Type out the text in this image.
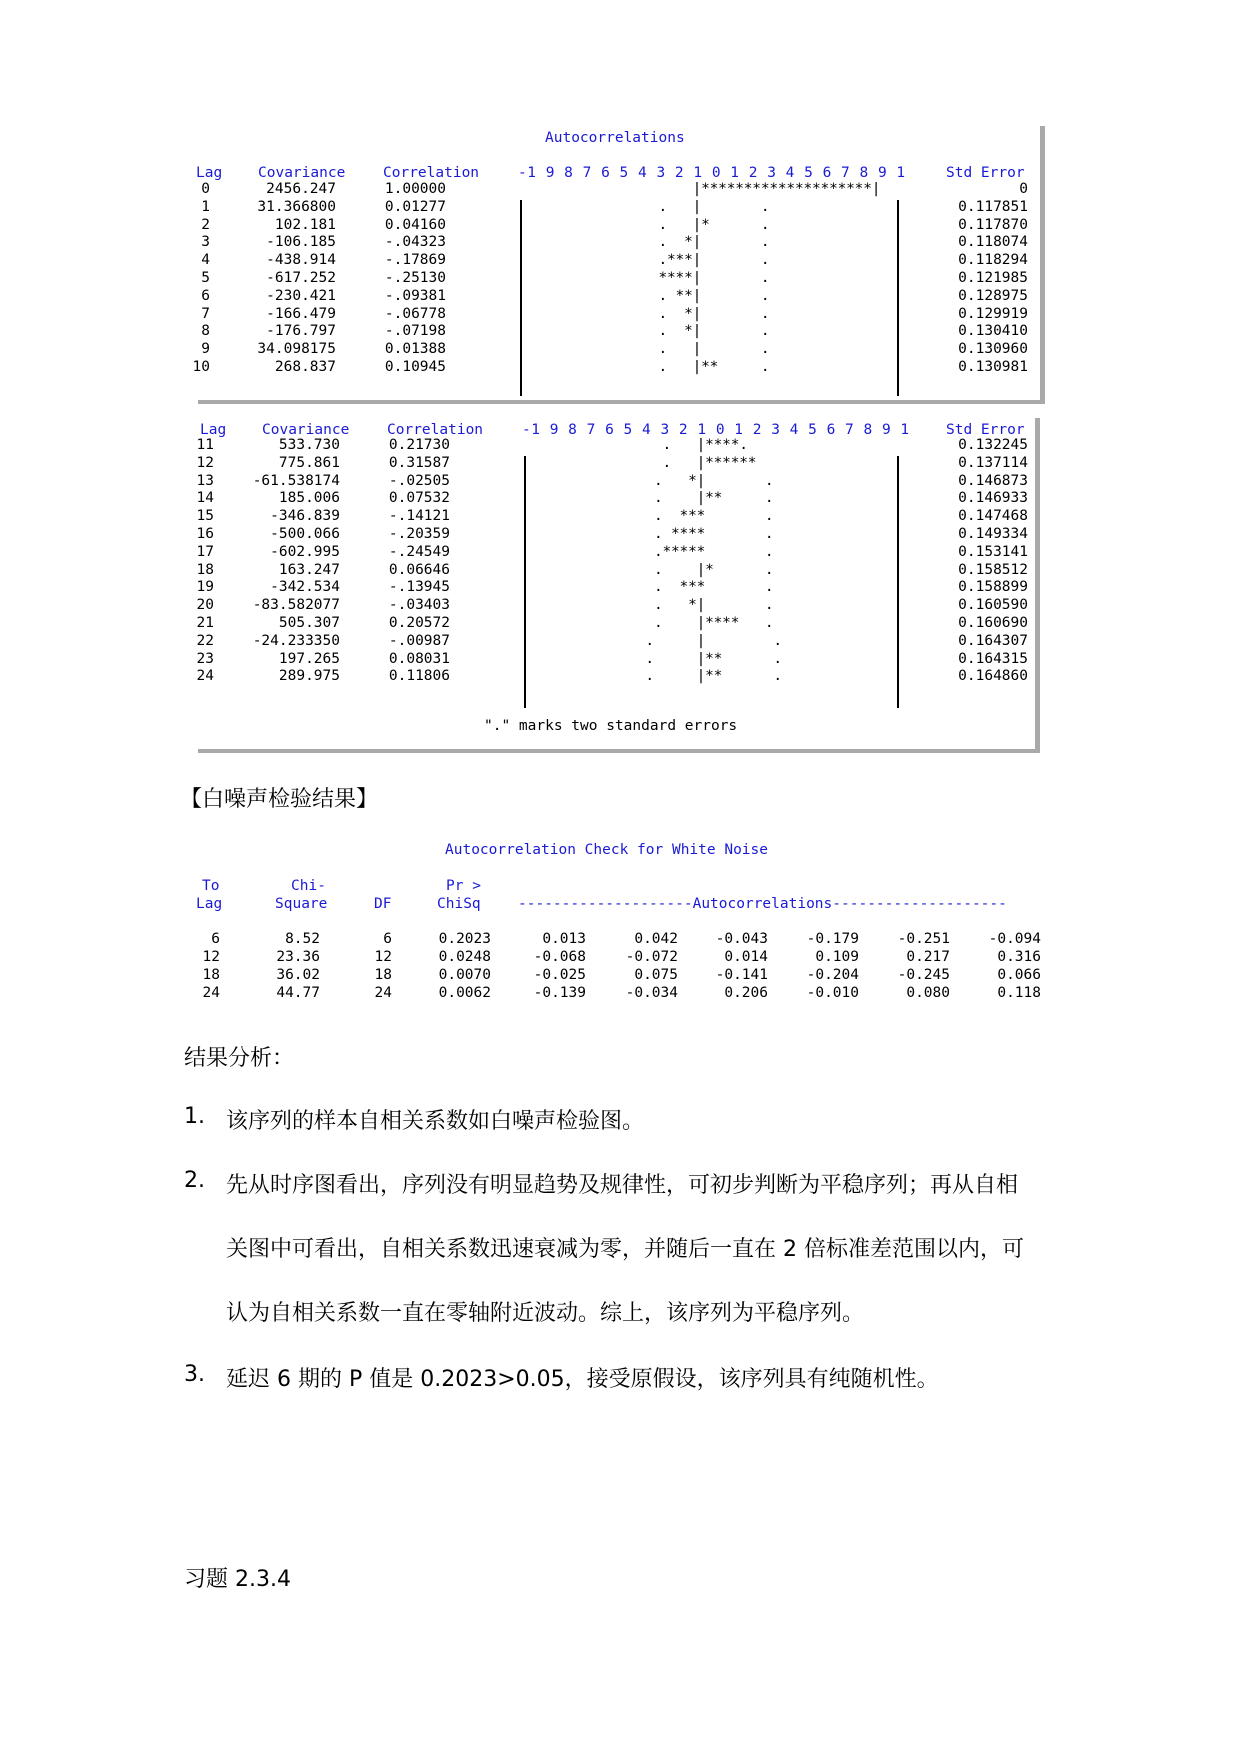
Autocorrelations
Lag Covariance	Correlation	-1 9 8 7 6 5 4 3 2 1 0 1 2 3 4 5 6 7 8 9 1	Std Error
0	2456.247	1.00000	|********************|	0
1	31.366800	0.01277	.   |       .	0.117851
2	102.181	0.04160	.   |*      .	0.117870
3	-106.185	-.04323	.  *|       .	0.118074
4	-438.914	-.17869	.***|       .	0.118294
5	-617.252	-.25130	****|       .	0.121985
6	-230.421	-.09381	. **|       .	0.128975
7	-166.479	-.06778	.  *|       .	0.129919
8	-176.797	-.07198	.  *|       .	0.130410
9	34.098175	0.01388	.   |       .	0.130960
10	268.837	0.10945	.   |**     .	0.130981
Lag Covariance	Correlation	-1 9 8 7 6 5 4 3 2 1 0 1 2 3 4 5 6 7 8 9 1	Std Error
11	533.730	0.21730	.   |****.	0.132245
12	775.861	0.31587	.   |******	0.137114
13	-61.538174	-.02505	.   *|       .	0.146873
14	185.006	0.07532	.    |**     .	0.146933
15	-346.839	-.14121	.  ***       .	0.147468
16	-500.066	-.20359	. ****       .	0.149334
17	-602.995	-.24549	.*****       .	0.153141
18	163.247	0.06646	.    |*      .	0.158512
19	-342.534	-.13945	.  ***       .	0.158899
20	-83.582077	-.03403	.   *|       .	0.160590
21	505.307	0.20572	.    |****   .	0.160690
22	-24.233350	-.00987	.     |        .	0.164307
23	197.265	0.08031	.     |**      .	0.164315
24	289.975	0.11806	.     |**      .	0.164860
"." marks two standard errors
【白噪声检验结果】
Autocorrelation Check for White Noise
To
Lag
Chi-
Square	DF
Pr >
ChiSq	--------------------Autocorrelations--------------------
6	8.52	6	0.2023	0.013	0.042	-0.043	-0.179	-0.251	-0.094
12	23.36	12	0.0248	-0.068	-0.072	0.014	0.109	0.217	0.316
18	36.02	18	0.0070	-0.025	0.075	-0.141	-0.204	-0.245	0.066
24	44.77	24	0.0062	-0.139	-0.034	0.206	-0.010	0.080	0.118
结果分析：
1. 该序列的样本自相关系数如白噪声检验图。
2. 先从时序图看出，序列没有明显趋势及规律性，可初步判断为平稳序列；再从自相
关图中可看出，自相关系数迅速衰减为零，并随后一直在 2 倍标准差范围以内，可
认为自相关系数一直在零轴附近波动。综上，该序列为平稳序列。
3. 延迟 6 期的 P 值是 0.2023>0.05，接受原假设，该序列具有纯随机性。
习题 2.3.4
